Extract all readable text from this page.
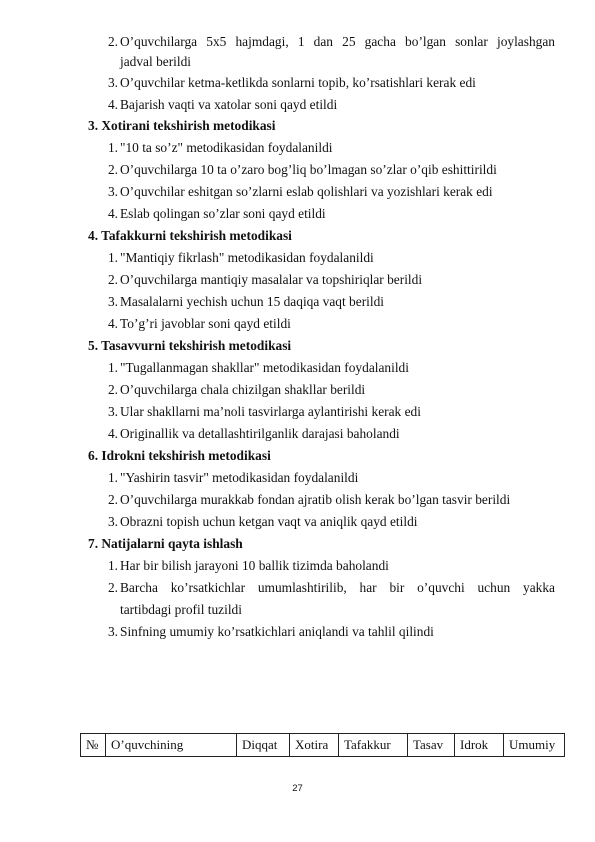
2. O’quvchilarga 5x5 hajmdagi, 1 dan 25 gacha bo’lgan sonlar joylashgan
jadval berildi
3. O’quvchilar ketma-ketlikda sonlarni topib, ko’rsatishlari kerak edi
4. Bajarish vaqti va xatolar soni qayd etildi
3. Xotirani tekshirish metodikasi
1. "10 ta so’z" metodikasidan foydalanildi
2. O’quvchilarga 10 ta o’zaro bog’liq bo’lmagan so’zlar o’qib eshittirildi
3. O’quvchilar eshitgan so’zlarni eslab qolishlari va yozishlari kerak edi
4. Eslab qolingan so’zlar soni qayd etildi
4. Tafakkurni tekshirish metodikasi
1. "Mantiqiy fikrlash" metodikasidan foydalanildi
2. O’quvchilarga mantiqiy masalalar va topshiriqlar berildi
3. Masalalarni yechish uchun 15 daqiqa vaqt berildi
4. To’g’ri javoblar soni qayd etildi
5. Tasavvurni tekshirish metodikasi
1. "Tugallanmagan shakllar" metodikasidan foydalanildi
2. O’quvchilarga chala chizilgan shakllar berildi
3. Ular shakllarni ma’noli tasvirlarga aylantirishi kerak edi
4. Originallik va detallashtirilganlik darajasi baholandi
6. Idrokni tekshirish metodikasi
1. "Yashirin tasvir" metodikasidan foydalanildi
2. O’quvchilarga murakkab fondan ajratib olish kerak bo’lgan tasvir berildi
3. Obrazni topish uchun ketgan vaqt va aniqlik qayd etildi
7. Natijalarni qayta ishlash
1. Har bir bilish jarayoni 10 ballik tizimda baholandi
2. Barcha ko’rsatkichlar umumlashtirilib, har bir o’quvchi uchun yakka
tartibdagi profil tuzildi
3. Sinfning umumiy ko’rsatkichlari aniqlandi va tahlil qilindi
№	O’quvchining	Diqqat	Xotira	Tafakkur	Tasav	Idrok	Umumiy
27
